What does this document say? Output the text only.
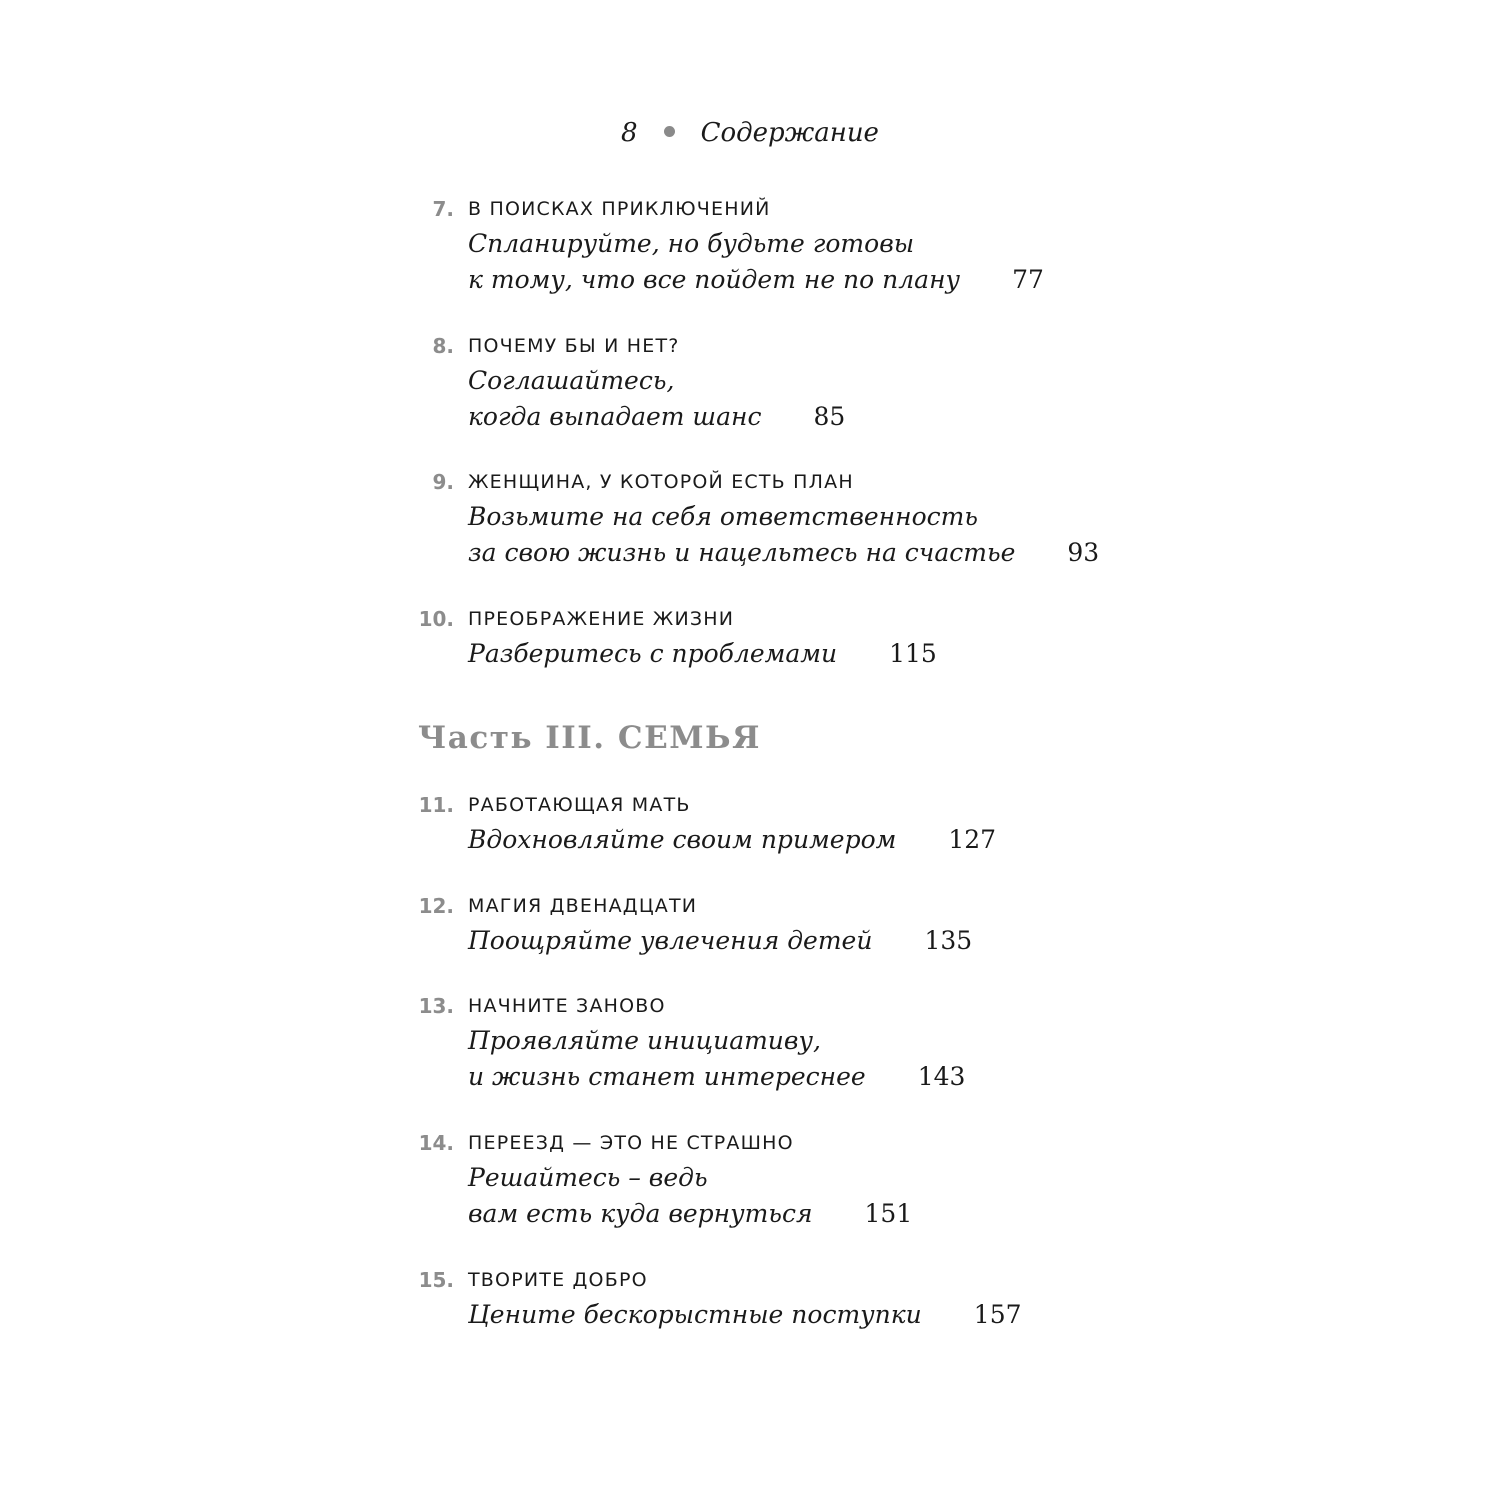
8 Содержание
7. В ПОИСКАХ ПРИКЛЮЧЕНИЙ
Спланируйте, но будьте готовы
к тому, что все пойдет не по плану 77
8. ПОЧЕМУ БЫ И НЕТ?
Соглашайтесь,
когда выпадает шанс 85
9. ЖЕНЩИНА, У КОТОРОЙ ЕСТЬ ПЛАН
Возьмите на себя ответственность
за свою жизнь и нацельтесь на счастье 93
10. ПРЕОБРАЖЕНИЕ ЖИЗНИ
Разберитесь с проблемами 115
Часть III. СЕМЬЯ
11. РАБОТАЮЩАЯ МАТЬ
Вдохновляйте своим примером 127
12. МАГИЯ ДВЕНАДЦАТИ
Поощряйте увлечения детей 135
13. НАЧНИТЕ ЗАНОВО
Проявляйте инициативу,
и жизнь станет интереснее 143
14. ПЕРЕЕЗД — ЭТО НЕ СТРАШНО
Решайтесь – ведь
вам есть куда вернуться 151
15. ТВОРИТЕ ДОБРО
Цените бескорыстные поступки 157
